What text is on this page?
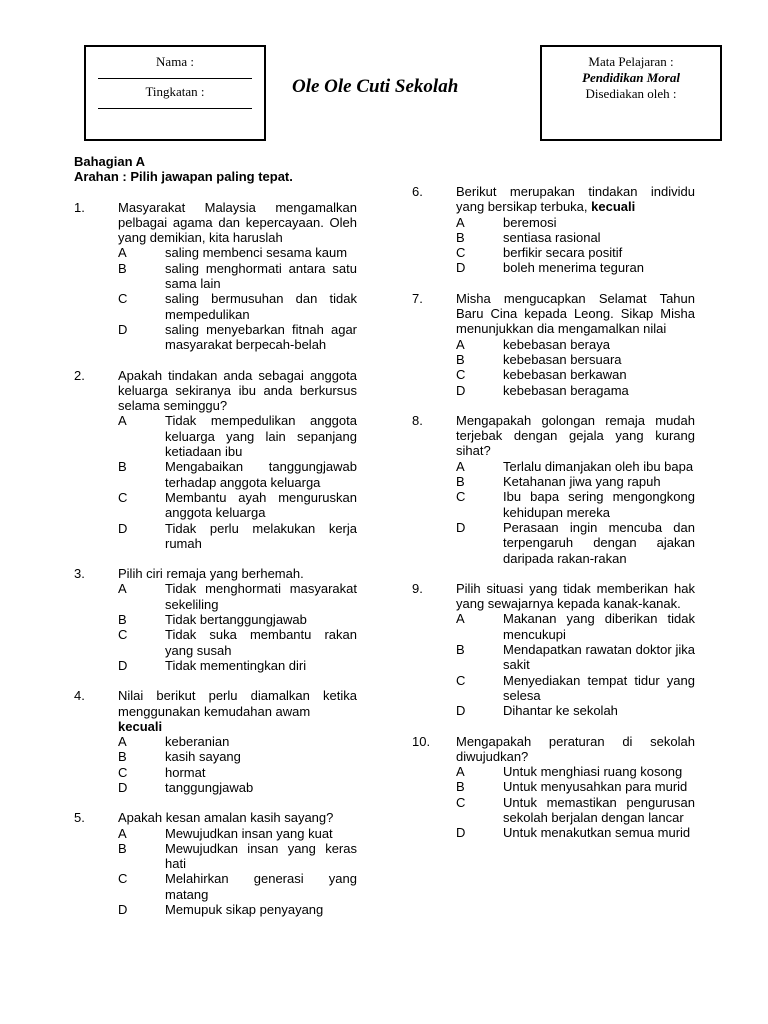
Nama :
Tingkatan :	Ole Ole Cuti Sekolah
Mata Pelajaran :
Pendidikan Moral
Disediakan oleh :
Bahagian A
Arahan : Pilih jawapan paling tepat.
1.	Masyarakat Malaysia mengamalkan pelbagai agama dan kepercayaan. Oleh yang demikian, kita haruslah
A	saling membenci sesama kaum
B	saling menghormati antara satu sama lain
C	saling bermusuhan dan tidak mempedulikan
D	saling menyebarkan fitnah agar masyarakat berpecah-belah
2.	Apakah tindakan anda sebagai anggota keluarga sekiranya ibu anda berkursus selama seminggu?
A	Tidak mempedulikan anggota keluarga yang lain sepanjang ketiadaan ibu
B	Mengabaikan tanggungjawab terhadap anggota keluarga
C	Membantu ayah menguruskan anggota keluarga
D	Tidak perlu melakukan kerja rumah
3.	Pilih ciri remaja yang berhemah.
A	Tidak menghormati masyarakat sekeliling
B	Tidak bertanggungjawab
C	Tidak suka membantu rakan yang susah
D	Tidak mementingkan diri
4.	Nilai berikut perlu diamalkan ketika menggunakan kemudahan awam
kecuali
A	keberanian
B	kasih sayang
C	hormat
D	tanggungjawab
5.	Apakah kesan amalan kasih sayang?
A	Mewujudkan insan yang kuat
B	Mewujudkan insan yang keras hati
C	Melahirkan generasi yang matang
D	Memupuk sikap penyayang
6.	Berikut merupakan tindakan individu yang bersikap terbuka, kecuali
A	beremosi
B	sentiasa rasional
C	berfikir secara positif
D	boleh menerima teguran
7.	Misha mengucapkan Selamat Tahun Baru Cina kepada Leong. Sikap Misha menunjukkan dia mengamalkan nilai
A	kebebasan beraya
B	kebebasan bersuara
C	kebebasan berkawan
D	kebebasan beragama
8.	Mengapakah golongan remaja mudah terjebak dengan gejala yang kurang sihat?
A	Terlalu dimanjakan oleh ibu bapa
B	Ketahanan jiwa yang rapuh
C	Ibu bapa sering mengongkong kehidupan mereka
D	Perasaan ingin mencuba dan terpengaruh dengan ajakan daripada rakan-rakan
9.	Pilih situasi yang tidak memberikan hak yang sewajarnya kepada kanak-kanak.
A	Makanan yang diberikan tidak mencukupi
B	Mendapatkan rawatan doktor jika sakit
C	Menyediakan tempat tidur yang selesa
D	Dihantar ke sekolah
10.	Mengapakah peraturan di sekolah diwujudkan?
A	Untuk menghiasi ruang kosong
B	Untuk menyusahkan para murid
C	Untuk memastikan pengurusan sekolah berjalan dengan lancar
D	Untuk menakutkan semua murid
